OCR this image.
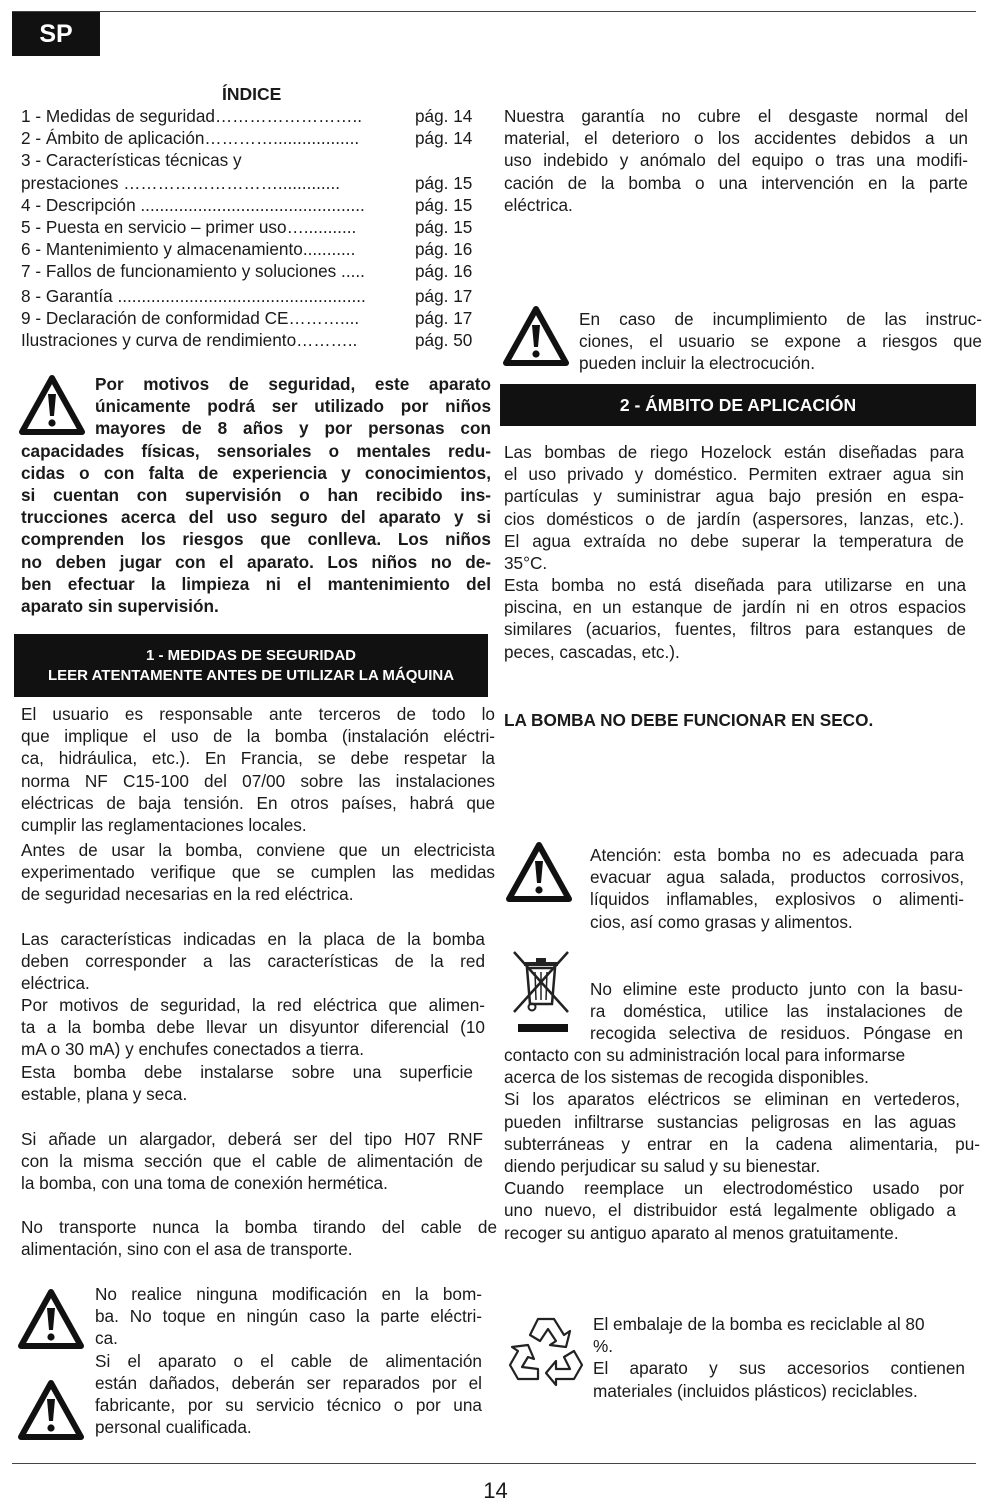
SP
ÍNDICE
1 - Medidas de seguridad……………………..	pág. 14
2 - Ámbito de aplicación…………..................	pág. 14
3 - Características técnicas y
prestaciones ……………………….............	pág. 15
4 - Descripción ...............................................	pág. 15
5 - Puesta en servicio – primer uso…...........	pág. 15
6 - Mantenimiento y almacenamiento...........	pág. 16
7 - Fallos de funcionamiento y soluciones .....	pág. 16
8 - Garantía ....................................................	pág. 17
9 - Declaración de conformidad CE………....	pág. 17
Ilustraciones y curva de rendimiento………..	pág. 50
Por motivos de seguridad, este aparato
únicamente podrá ser utilizado por niños
mayores de 8 años y por personas con
capacidades físicas, sensoriales o mentales redu-
cidas o con falta de experiencia y conocimientos,
si cuentan con supervisión o han recibido ins-
trucciones acerca del uso seguro del aparato y si
comprenden los riesgos que conlleva. Los niños
no deben jugar con el aparato. Los niños no de-
ben efectuar la limpieza ni el mantenimiento del
aparato sin supervisión.
1 - MEDIDAS DE SEGURIDAD
LEER ATENTAMENTE ANTES DE UTILIZAR LA MÁQUINA
El usuario es responsable ante terceros de todo lo
que implique el uso de la bomba (instalación eléctri-
ca, hidráulica, etc.). En Francia, se debe respetar la
norma NF C15-100 del 07/00 sobre las instalaciones
eléctricas de baja tensión. En otros países, habrá que
cumplir las reglamentaciones locales.
Antes de usar la bomba, conviene que un electricista
experimentado verifique que se cumplen las medidas
de seguridad necesarias en la red eléctrica.
Las características indicadas en la placa de la bomba
deben corresponder a las características de la red
eléctrica.
Por motivos de seguridad, la red eléctrica que alimen-
ta a la bomba debe llevar un disyuntor diferencial (10
mA o 30 mA) y enchufes conectados a tierra.
Esta bomba debe instalarse sobre una superficie
estable, plana y seca.
Si añade un alargador, deberá ser del tipo H07 RNF
con la misma sección que el cable de alimentación de
la bomba, con una toma de conexión hermética.
No transporte nunca la bomba tirando del cable de
alimentación, sino con el asa de transporte.
No realice ninguna modificación en la bom-
ba. No toque en ningún caso la parte eléctri-
ca.
Si el aparato o el cable de alimentación
están dañados, deberán ser reparados por el
fabricante, por su servicio técnico o por una
personal cualificada.
Nuestra garantía no cubre el desgaste normal del
material, el deterioro o los accidentes debidos a un
uso indebido y anómalo del equipo o tras una modifi-
cación de la bomba o una intervención en la parte
eléctrica.
En caso de incumplimiento de las instruc-
ciones, el usuario se expone a riesgos que
pueden incluir la electrocución.
2 - ÁMBITO DE APLICACIÓN
Las bombas de riego Hozelock están diseñadas para
el uso privado y doméstico. Permiten extraer agua sin
partículas y suministrar agua bajo presión en espa-
cios domésticos o de jardín (aspersores, lanzas, etc.).
El agua extraída no debe superar la temperatura de
35°C.
Esta bomba no está diseñada para utilizarse en una
piscina, en un estanque de jardín ni en otros espacios
similares (acuarios, fuentes, filtros para estanques de
peces, cascadas, etc.).
LA BOMBA NO DEBE FUNCIONAR EN SECO.
Atención: esta bomba no es adecuada para
evacuar agua salada, productos corrosivos,
líquidos inflamables, explosivos o alimenti-
cios, así como grasas y alimentos.
No elimine este producto junto con la basu-
ra doméstica, utilice las instalaciones de
recogida selectiva de residuos. Póngase en
contacto con su administración local para informarse
acerca de los sistemas de recogida disponibles.
Si los aparatos eléctricos se eliminan en vertederos,
pueden infiltrarse sustancias peligrosas en las aguas
subterráneas y entrar en la cadena alimentaria, pu-
diendo perjudicar su salud y su bienestar.
Cuando reemplace un electrodoméstico usado por
uno nuevo, el distribuidor está legalmente obligado a
recoger su antiguo aparato al menos gratuitamente.
El embalaje de la bomba es reciclable al 80
%.
El aparato y sus accesorios contienen
materiales (incluidos plásticos) reciclables.
14
